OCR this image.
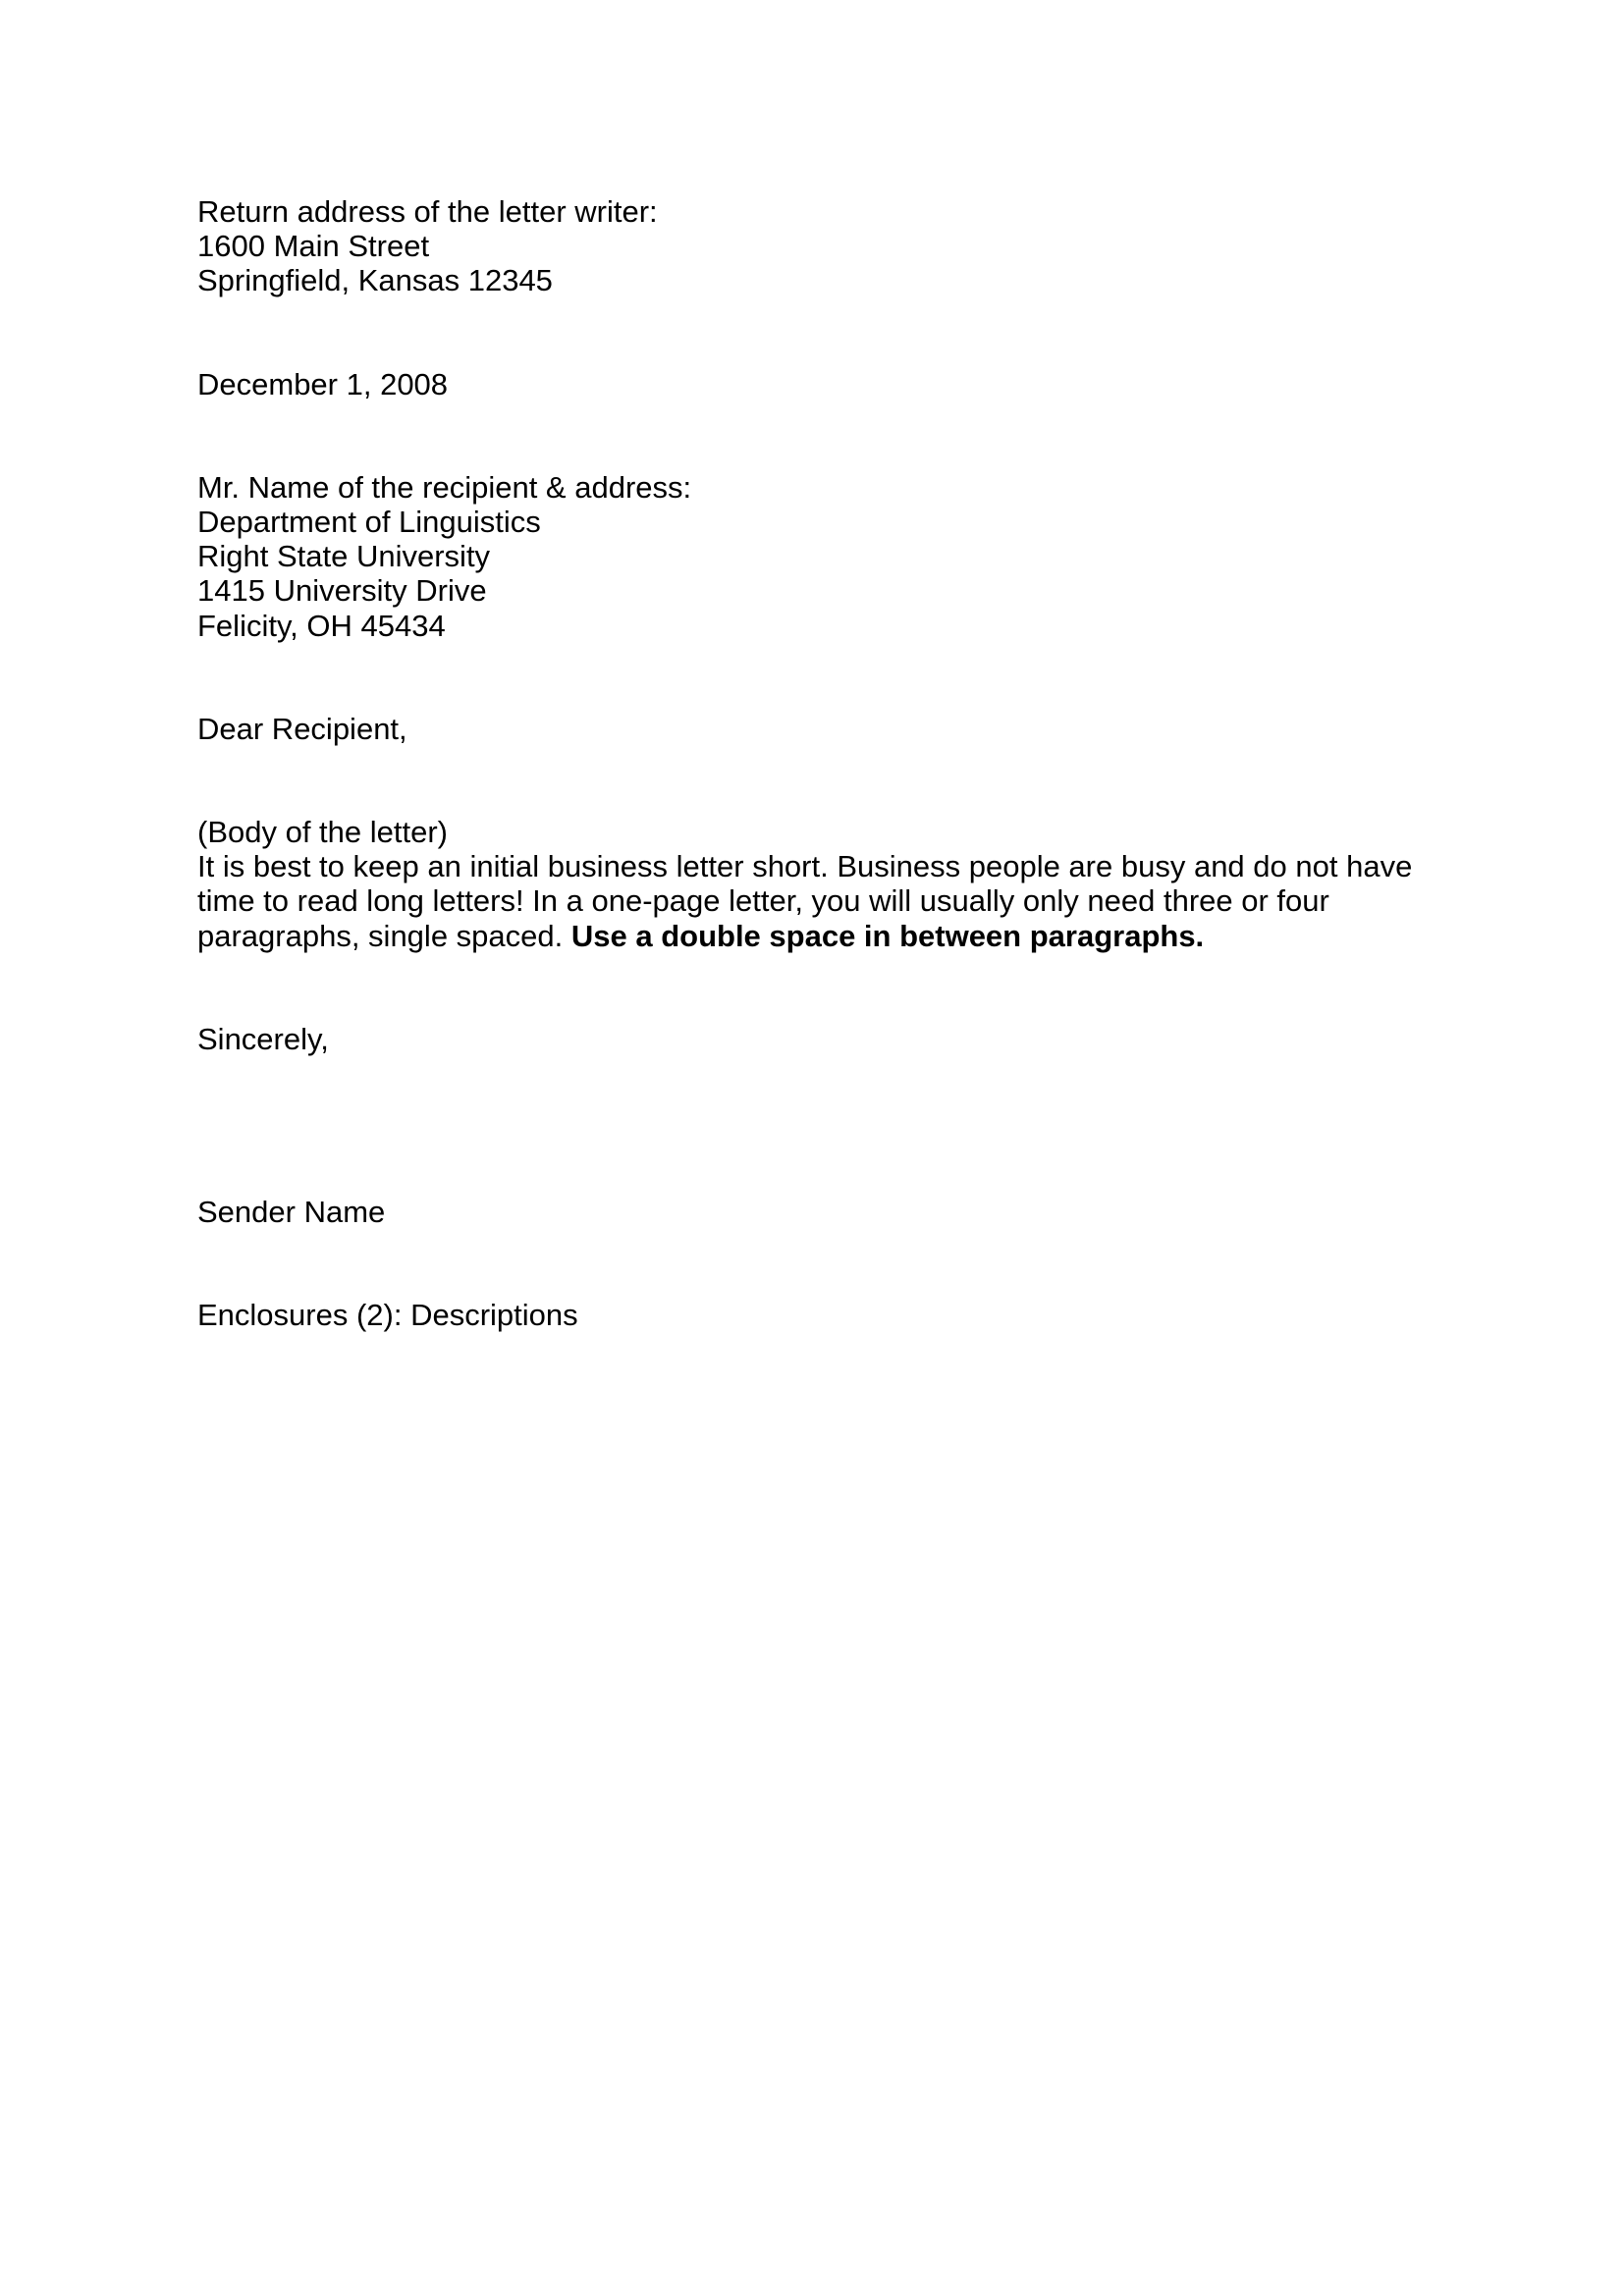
Return address of the letter writer:
1600 Main Street
Springfield, Kansas 12345
December 1, 2008
Mr. Name of the recipient & address:
Department of Linguistics
Right State University
1415 University Drive
Felicity, OH 45434
Dear Recipient,
(Body of the letter)
It is best to keep an initial business letter short. Business people are busy and do not have
time to read long letters! In a one-page letter, you will usually only need three or four
paragraphs, single spaced. Use a double space in between paragraphs.
Sincerely,
Sender Name
Enclosures (2): Descriptions
